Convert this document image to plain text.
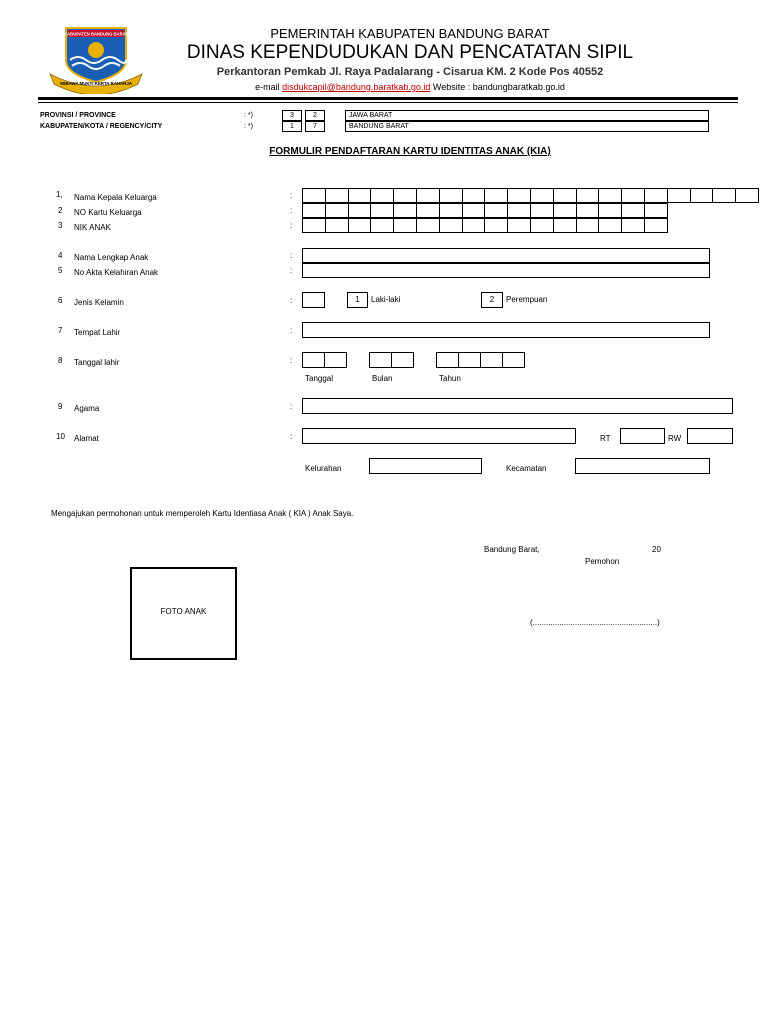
KABUPATEN BANDUNG BARAT
WIBAWA MUKTI KERTA RAHARJA
PEMERINTAH KABUPATEN BANDUNG BARAT
DINAS KEPENDUDUKAN DAN PENCATATAN SIPIL
Perkantoran Pemkab Jl. Raya Padalarang - Cisarua KM. 2 Kode Pos 40552
e-mail disdukcapil@bandung.baratkab.go.id Website : bandungbaratkab.go.id
PROVINSI / PROVINCE	: *)	3	2	JAWA BARAT
KABUPATEN/KOTA / REGENCY/CITY	: *)	1	7	BANDUNG BARAT
FORMULIR PENDAFTARAN KARTU IDENTITAS ANAK (KIA)
1, Nama Kepala Keluarga	:
2 NO Kartu Keluarga	:
3 NIK ANAK	:
4 Nama Lengkap Anak	:
5 No Akta Kelahiran Anak	:
6 Jenis Kelamin	:
7 Tempat Lahir	:
8 Tanggal lahir	:
9 Agama	:
10 Alamat	:
1	Laki-laki	2	Perempuan
Tanggal	Bulan	Tahun
RT	RW
Kelurahan	Kecamatan
Mengajukan permohonan untuk memperoleh Kartu Identiasa Anak ( KIA ) Anak Saya.
Bandung Barat,	20
Pemohon
(........................................................)
FOTO ANAK
